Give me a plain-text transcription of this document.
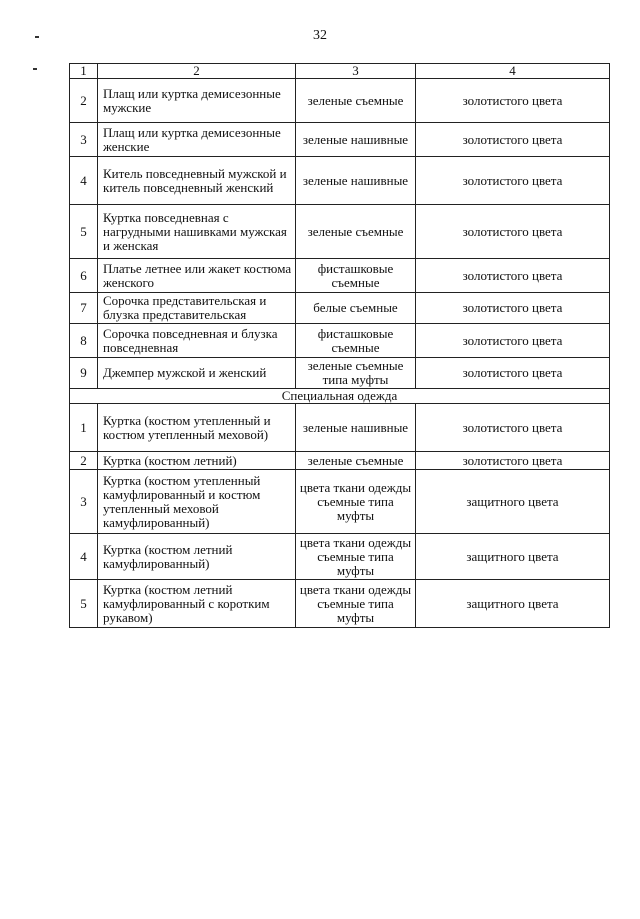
32
1	2	3	4
2	Плащ или куртка демисезонные мужские	зеленые съемные	золотистого цвета
3	Плащ или куртка демисезонные женские	зеленые нашивные	золотистого цвета
4	Китель повседневный мужской и китель повседневный женский	зеленые нашивные	золотистого цвета
5	Куртка повседневная с нагрудными нашивками мужская и женская	зеленые съемные	золотистого цвета
6	Платье летнее или жакет костюма женского	фисташковые съемные	золотистого цвета
7	Сорочка представительская и блузка представительская	белые съемные	золотистого цвета
8	Сорочка повседневная и блузка повседневная	фисташковые съемные	золотистого цвета
9	Джемпер мужской и женский	зеленые съемные типа муфты	золотистого цвета
Специальная одежда			
1	Куртка (костюм утепленный и костюм утепленный меховой)	зеленые нашивные	золотистого цвета
2	Куртка (костюм летний)	зеленые съемные	золотистого цвета
3	Куртка (костюм утепленный камуфлированный и костюм утепленный меховой камуфлированный)	цвета ткани одежды съемные типа муфты	защитного цвета
4	Куртка (костюм летний камуфлированный)	цвета ткани одежды съемные типа муфты	защитного цвета
5	Куртка (костюм летний камуфлированный с коротким рукавом)	цвета ткани одежды съемные типа муфты	защитного цвета
